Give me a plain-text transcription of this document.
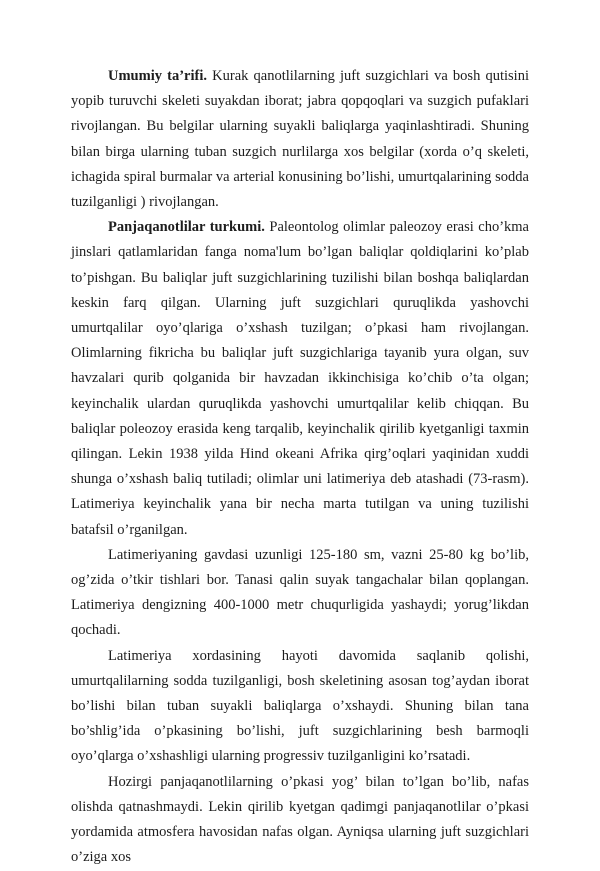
Umumiy ta’rifi. Kurak qanotlilarning juft suzgichlari va bosh qutisini yopib turuvchi skeleti suyakdan iborat; jabra qopqoqlari va suzgich pufaklari rivojlangan. Bu belgilar ularning suyakli baliqlarga yaqinlashtiradi. Shuning bilan birga ularning tuban suzgich nurlilarga xos belgilar (xorda o’q skeleti, ichagida spiral burmalar va arterial konusining bo’lishi, umurtqalarining sodda tuzilganligi ) rivojlangan.

Panjaqanotlilar turkumi. Paleontolog olimlar paleozoy erasi cho’kma jinslari qatlamlaridan fanga noma'lum bo’lgan baliqlar qoldiqlarini ko’plab to’pishgan. Bu baliqlar juft suzgichlarining tuzilishi bilan boshqa baliqlardan keskin farq qilgan. Ularning juft suzgichlari quruqlikda yashovchi umurtqalilar oyo’qlariga o’xshash tuzilgan; o’pkasi ham rivojlangan. Olimlarning fikricha bu baliqlar juft suzgichlariga tayanib yura olgan, suv havzalari qurib qolganida bir havzadan ikkinchisiga ko’chib o’ta olgan; keyinchalik ulardan quruqlikda yashovchi umurtqalilar kelib chiqqan. Bu baliqlar poleozoy erasida keng tarqalib, keyinchalik qirilib kyetganligi taxmin qilingan. Lekin 1938 yilda Hind okeani Afrika qirg’oqlari yaqinidan xuddi shunga o’xshash baliq tutiladi; olimlar uni latimeriya deb atashadi (73-rasm). Latimeriya keyinchalik yana bir necha marta tutilgan va uning tuzilishi batafsil o’rganilgan.

Latimeriyaning gavdasi uzunligi 125-180 sm, vazni 25-80 kg bo’lib, og’zida o’tkir tishlari bor. Tanasi qalin suyak tangachalar bilan qoplangan. Latimeriya dengizning 400-1000 metr chuqurligida yashaydi; yorug’likdan qochadi.

Latimeriya xordasining hayoti davomida saqlanib qolishi, umurtqalilarning sodda tuzilganligi, bosh skeletining asosan tog’aydan iborat bo’lishi bilan tuban suyakli baliqlarga o’xshaydi. Shuning bilan tana bo’shlig’ida o’pkasining bo’lishi, juft suzgichlarining besh barmoqli oyo’qlarga o’xshashligi ularning progressiv tuzilganligini ko’rsatadi.

Hozirgi panjaqanotlilarning o’pkasi yog’ bilan to’lgan bo’lib, nafas olishda qatnashmaydi. Lekin qirilib kyetgan qadimgi panjaqanotlilar o’pkasi yordamida atmosfera havosidan nafas olgan. Ayniqsa ularning juft suzgichlari o’ziga xos
